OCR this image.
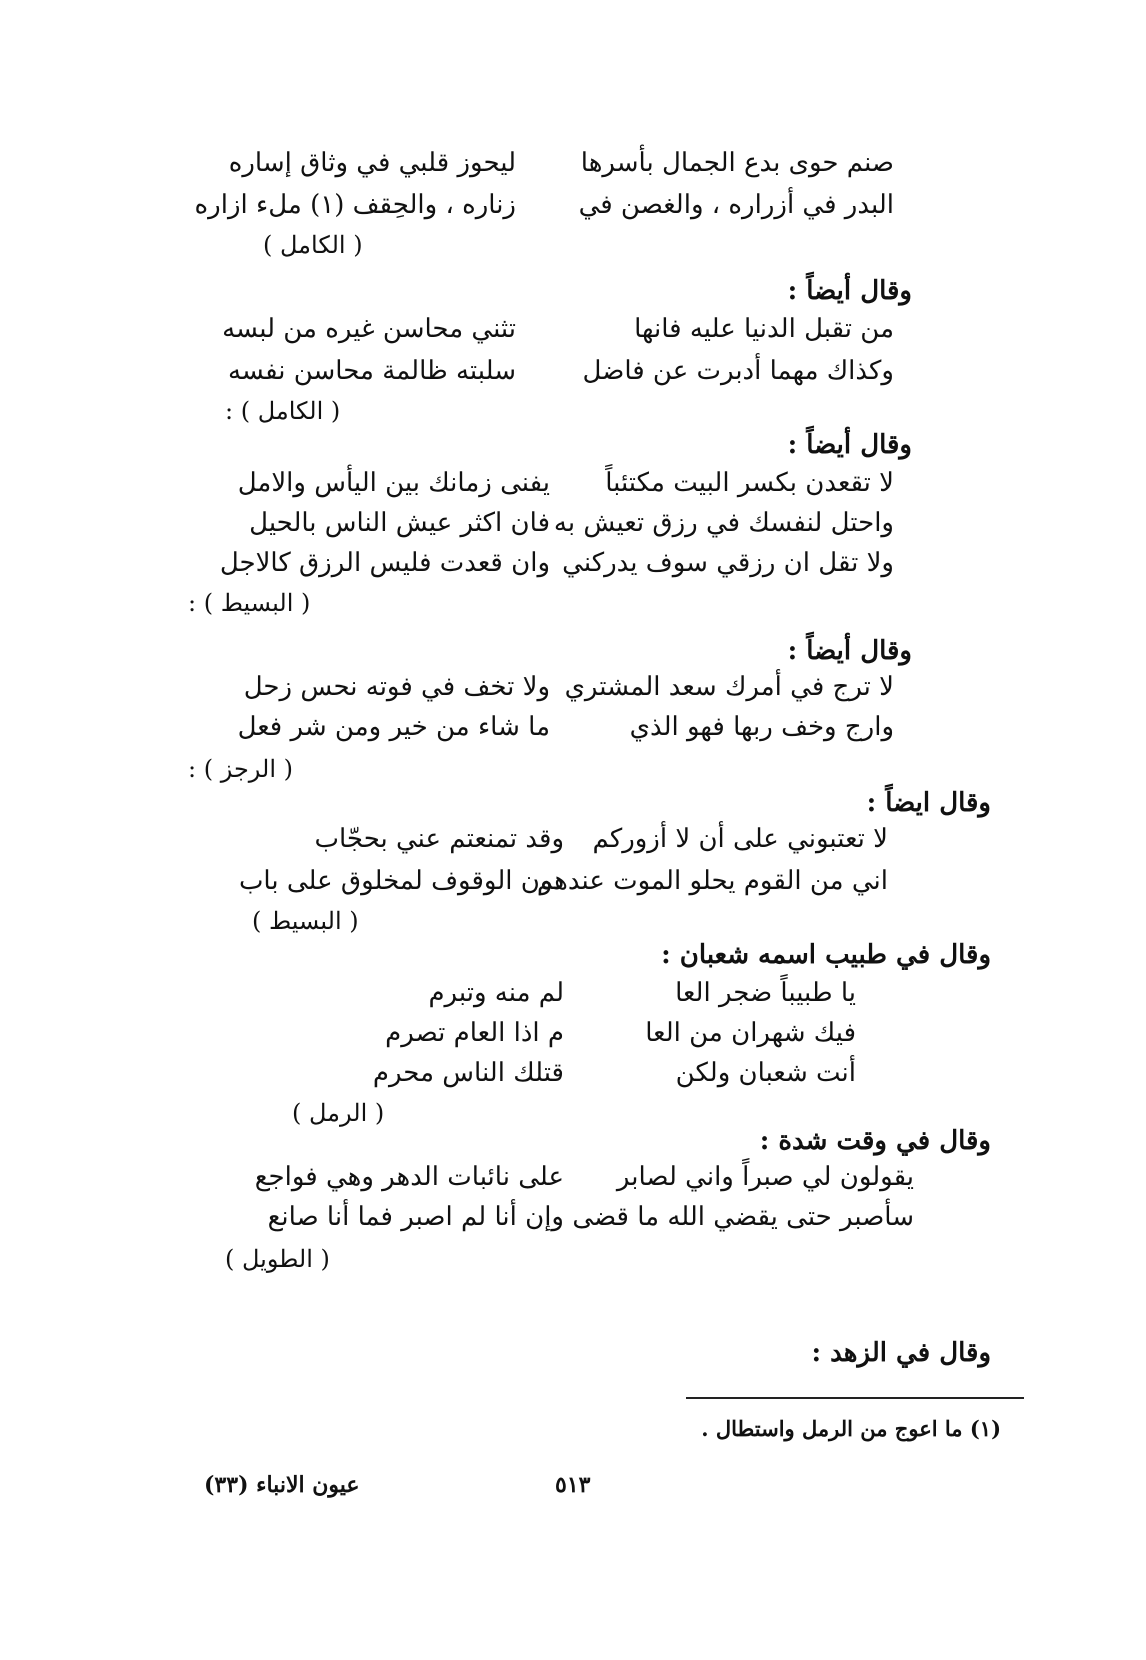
صنم حوى بدع الجمال بأسرها
ليحوز قلبي في وثاق إساره
البدر في أزراره ، والغصن في
زناره ، والحِقف (١) ملء ازاره
( الكامل )
وقال أيضاً :
من تقبل الدنيا عليه فانها
تثني محاسن غيره من لبسه
وكذاك مهما أدبرت عن فاضل
سلبته ظالمة محاسن نفسه
( الكامل ) :
وقال أيضاً :
لا تقعدن بكسر البيت مكتئباً
يفنى زمانك بين اليأس والامل
واحتل لنفسك في رزق تعيش به
فان اكثر عيش الناس بالحيل
ولا تقل ان رزقي سوف يدركني
وان قعدت فليس الرزق كالاجل
( البسيط ) :
وقال أيضاً :
لا ترج في أمرك سعد المشتري
ولا تخف في فوته نحس زحل
وارج وخف ربها فهو الذي
ما شاء من خير ومن شر فعل
( الرجز ) :
وقال ايضاً :
لا تعتبوني على أن لا أزوركم
وقد تمنعتم عني بحجّاب
اني من القوم يحلو الموت عندهم
دون الوقوف لمخلوق على باب
( البسيط )
وقال في طبيب اسمه شعبان :
يا طبيباً ضجر العا
لم منه وتبرم
فيك شهران من العا
م اذا العام تصرم
أنت شعبان ولكن
قتلك الناس محرم
( الرمل )
وقال في وقت شدة :
يقولون لي صبراً واني لصابر
على نائبات الدهر وهي فواجع
سأصبر حتى يقضي الله ما قضى
وإن أنا لم اصبر فما أنا صانع
( الطويل )
وقال في الزهد :
(١) ما اعوج من الرمل واستطال .
٥١٣
عيون الانباء (٣٣)
